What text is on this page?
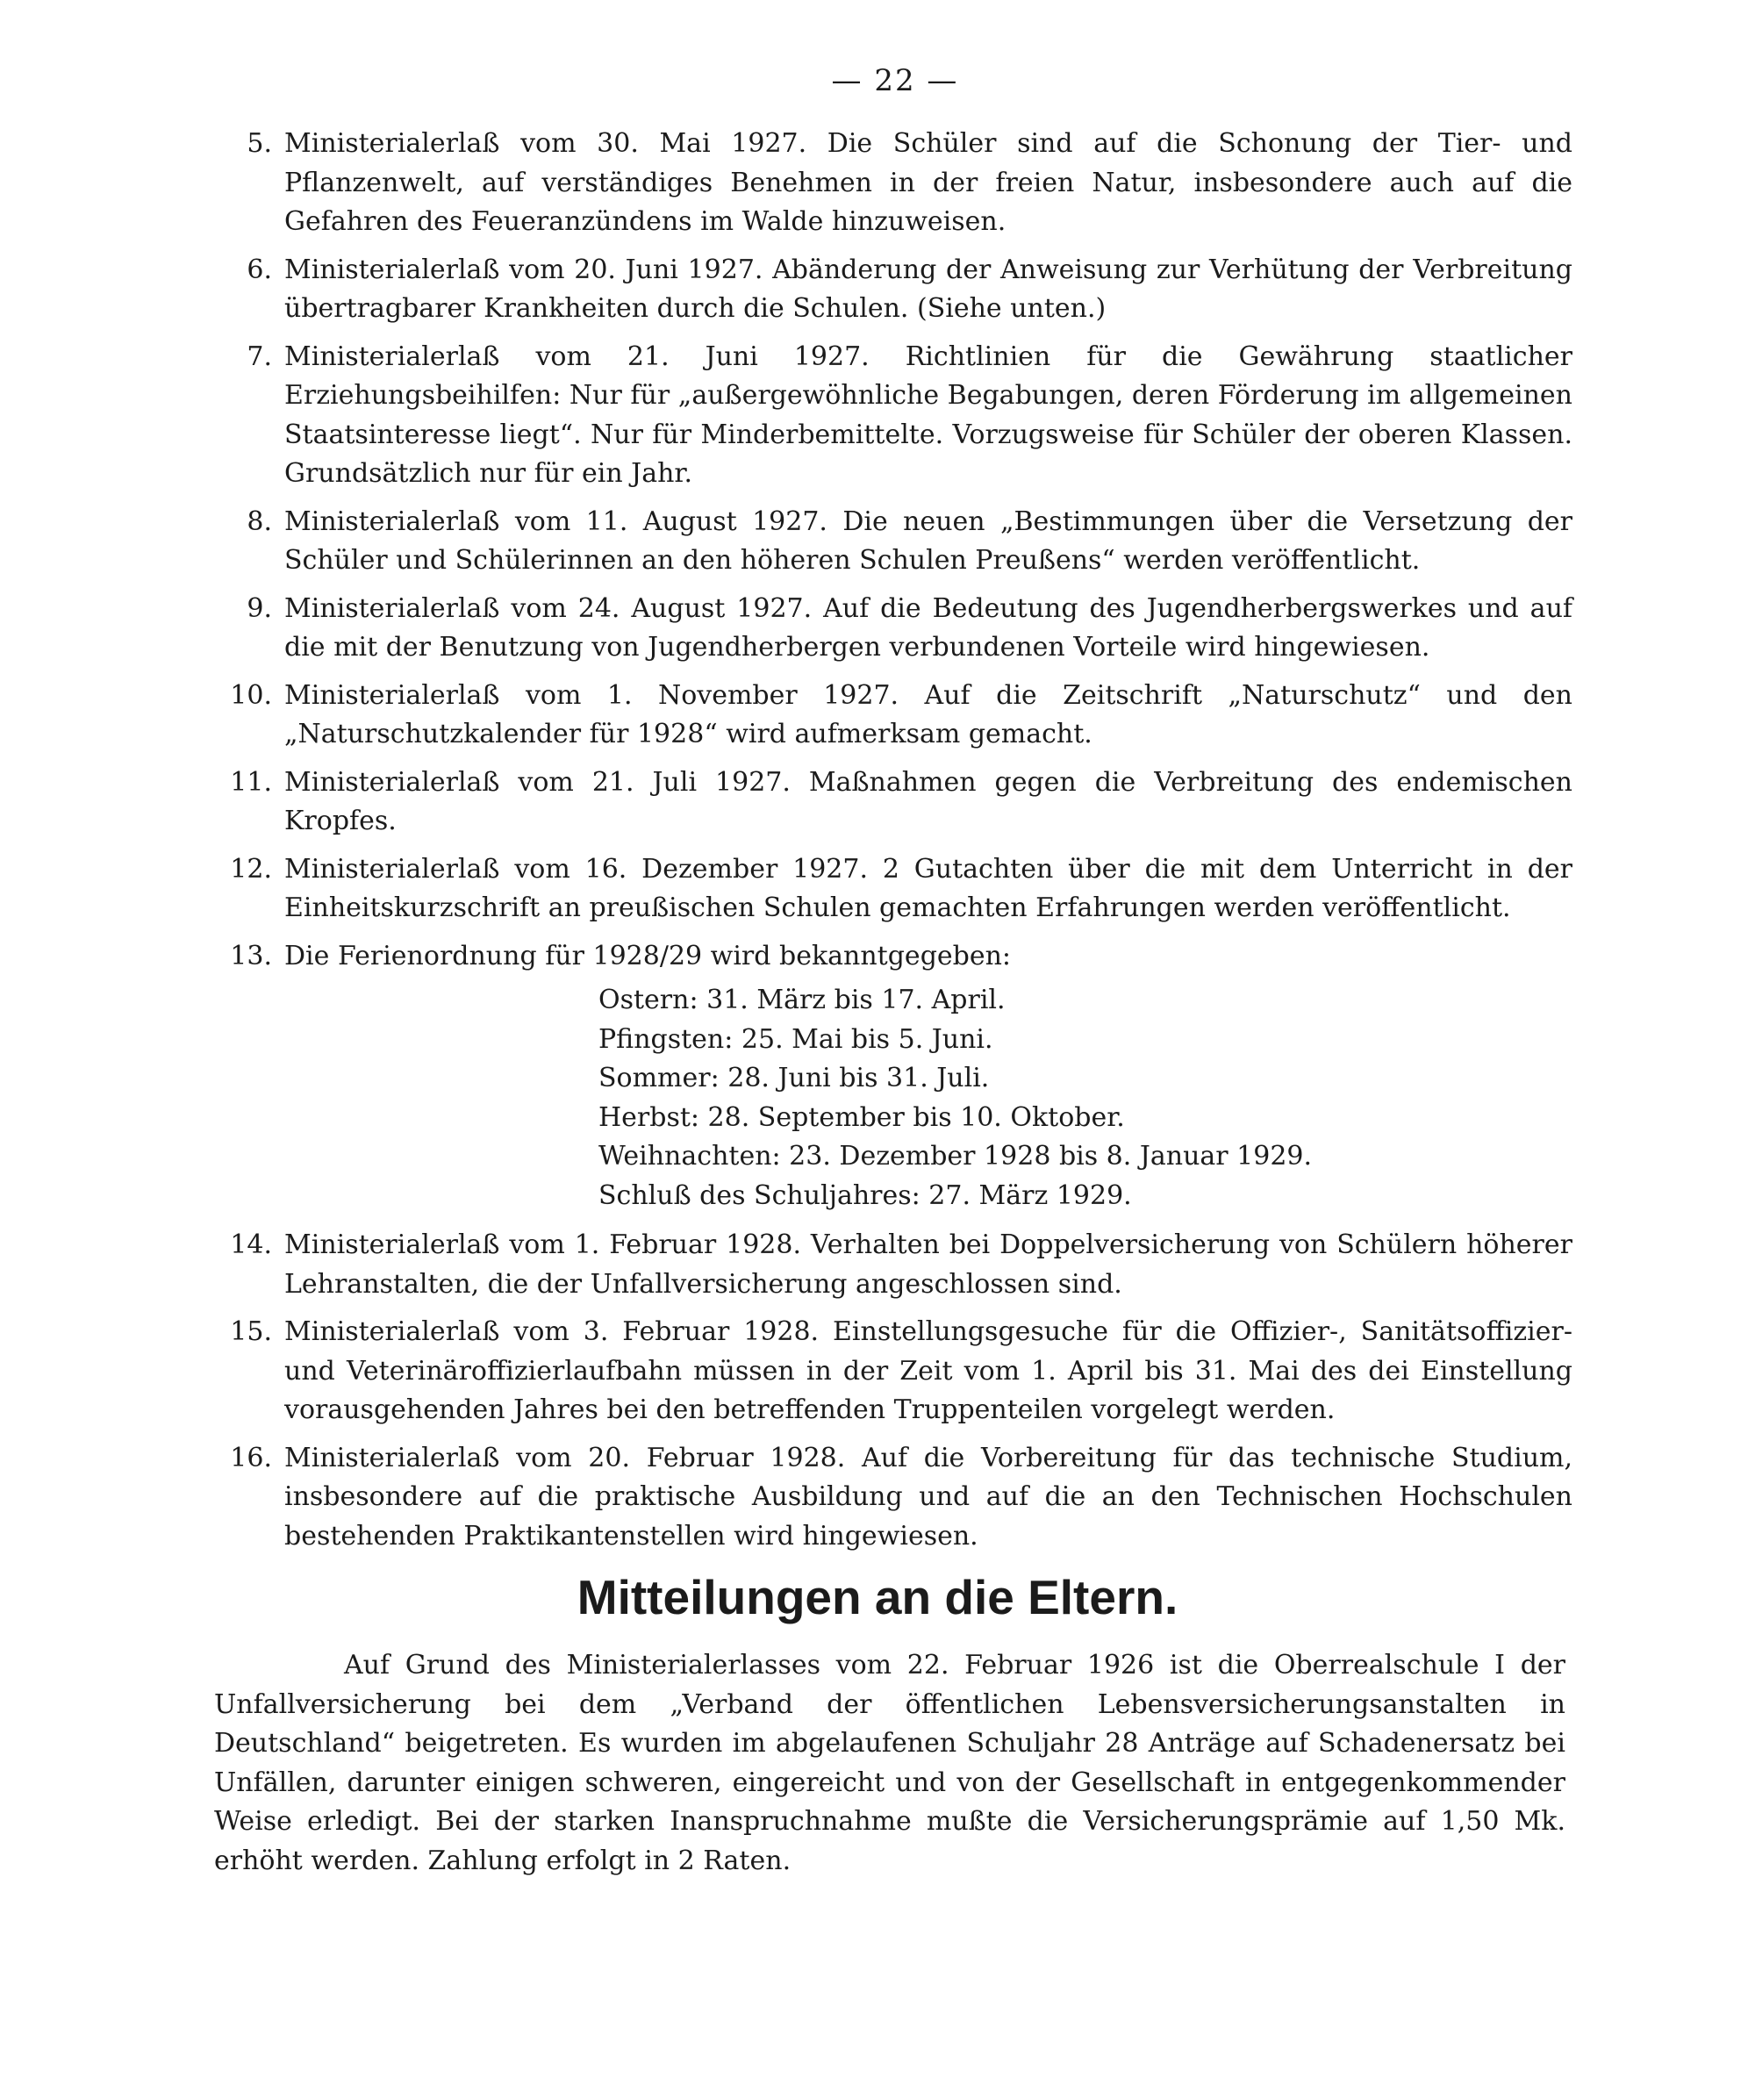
— 22 —
5. Ministerialerlaß vom 30. Mai 1927. Die Schüler sind auf die Schonung der Tier- und Pflanzenwelt, auf verständiges Benehmen in der freien Natur, insbesondere auch auf die Gefahren des Feueranzündens im Walde hinzuweisen.
6. Ministerialerlaß vom 20. Juni 1927. Abänderung der Anweisung zur Verhütung der Verbreitung übertragbarer Krankheiten durch die Schulen. (Siehe unten.)
7. Ministerialerlaß vom 21. Juni 1927. Richtlinien für die Gewährung staatlicher Erziehungsbeihilfen: Nur für „außergewöhnliche Begabungen, deren Förderung im allgemeinen Staatsinteresse liegt“. Nur für Minderbemittelte. Vorzugsweise für Schüler der oberen Klassen. Grundsätzlich nur für ein Jahr.
8. Ministerialerlaß vom 11. August 1927. Die neuen „Bestimmungen über die Versetzung der Schüler und Schülerinnen an den höheren Schulen Preußens“ werden veröffentlicht.
9. Ministerialerlaß vom 24. August 1927. Auf die Bedeutung des Jugendherbergswerkes und auf die mit der Benutzung von Jugendherbergen verbundenen Vorteile wird hingewiesen.
10. Ministerialerlaß vom 1. November 1927. Auf die Zeitschrift „Naturschutz“ und den „Naturschutzkalender für 1928“ wird aufmerksam gemacht.
11. Ministerialerlaß vom 21. Juli 1927. Maßnahmen gegen die Verbreitung des endemischen Kropfes.
12. Ministerialerlaß vom 16. Dezember 1927. 2 Gutachten über die mit dem Unterricht in der Einheitskurzschrift an preußischen Schulen gemachten Erfahrungen werden veröffentlicht.
13. Die Ferienordnung für 1928/29 wird bekanntgegeben:
Ostern: 31. März bis 17. April.
Pfingsten: 25. Mai bis 5. Juni.
Sommer: 28. Juni bis 31. Juli.
Herbst: 28. September bis 10. Oktober.
Weihnachten: 23. Dezember 1928 bis 8. Januar 1929.
Schluß des Schuljahres: 27. März 1929.
14. Ministerialerlaß vom 1. Februar 1928. Verhalten bei Doppelversicherung von Schülern höherer Lehranstalten, die der Unfallversicherung angeschlossen sind.
15. Ministerialerlaß vom 3. Februar 1928. Einstellungsgesuche für die Offizier-, Sanitätsoffizier- und Veterinäroffizierlaufbahn müssen in der Zeit vom 1. April bis 31. Mai des dei Einstellung vorausgehenden Jahres bei den betreffenden Truppenteilen vorgelegt werden.
16. Ministerialerlaß vom 20. Februar 1928. Auf die Vorbereitung für das technische Studium, insbesondere auf die praktische Ausbildung und auf die an den Technischen Hochschulen bestehenden Praktikantenstellen wird hingewiesen.
Mitteilungen an die Eltern.

Auf Grund des Ministerialerlasses vom 22. Februar 1926 ist die Oberrealschule I der Unfallversicherung bei dem „Verband der öffentlichen Lebensversicherungsanstalten in Deutschland“ beigetreten. Es wurden im abgelaufenen Schuljahr 28 Anträge auf Schadenersatz bei Unfällen, darunter einigen schweren, eingereicht und von der Gesellschaft in entgegenkommender Weise erledigt. Bei der starken Inanspruchnahme mußte die Versicherungsprämie auf 1,50 Mk. erhöht werden. Zahlung erfolgt in 2 Raten.
